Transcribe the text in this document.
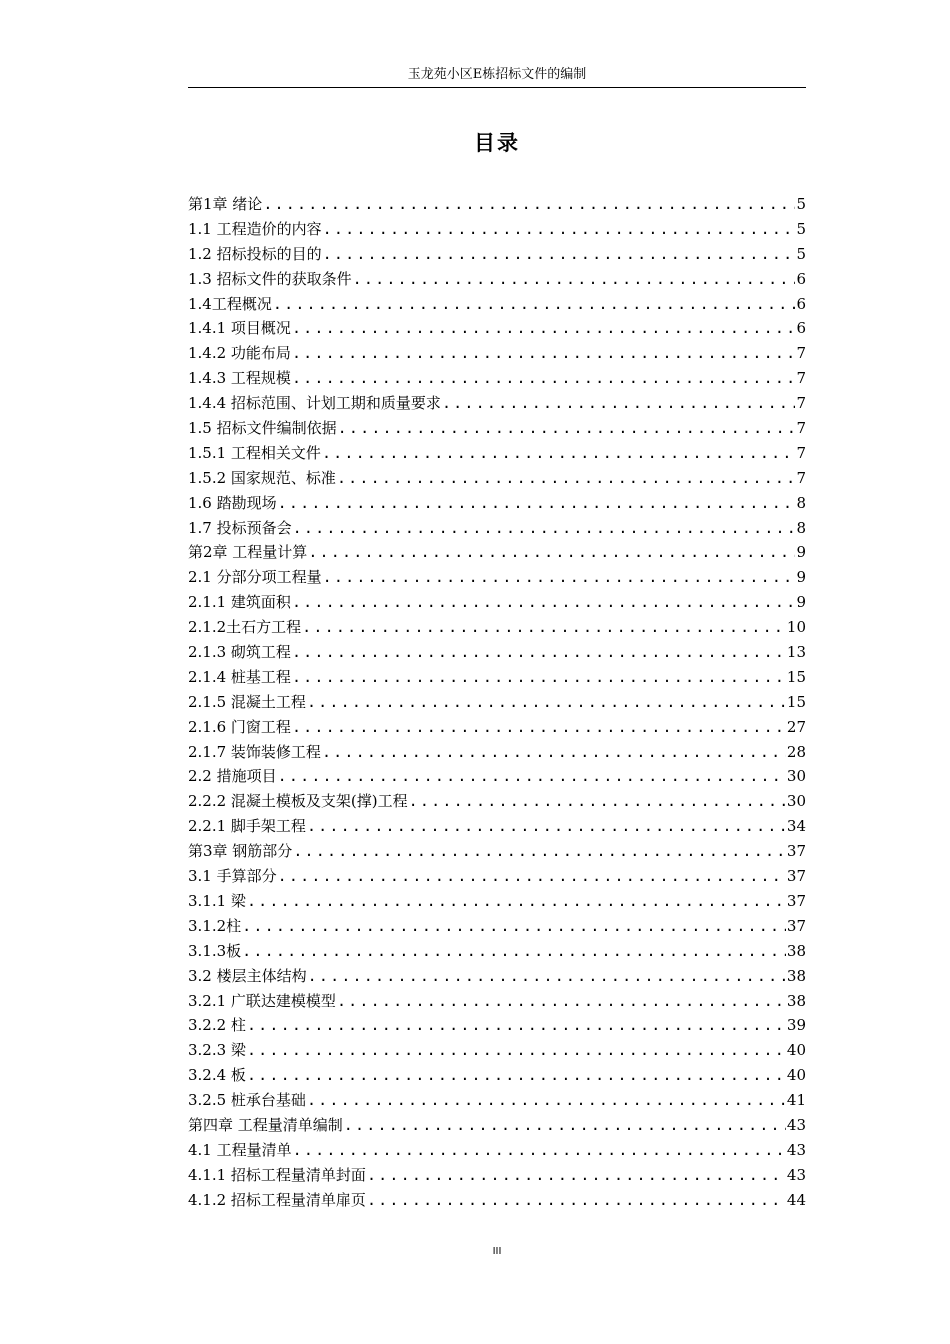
玉龙苑小区E栋招标文件的编制
目录
第1章 绪论 .....	5
1.1 工程造价的内容 .....	5
1.2 招标投标的目的 .....	5
1.3 招标文件的获取条件 .....	6
1.4工程概况 .....	6
1.4.1 项目概况 .....	6
1.4.2 功能布局 .....	7
1.4.3 工程规模 .....	7
1.4.4 招标范围、计划工期和质量要求 .....	7
1.5 招标文件编制依据 .....	7
1.5.1 工程相关文件 .....	7
1.5.2 国家规范、标准 .....	7
1.6 踏勘现场 .....	8
1.7 投标预备会 .....	8
第2章 工程量计算 .....	9
2.1 分部分项工程量 .....	9
2.1.1 建筑面积 .....	9
2.1.2土石方工程 .....	10
2.1.3 砌筑工程 .....	13
2.1.4 桩基工程 .....	15
2.1.5 混凝土工程 .....	15
2.1.6 门窗工程 .....	27
2.1.7 装饰装修工程 .....	28
2.2 措施项目 .....	30
2.2.2 混凝土模板及支架(撑)工程 .....	30
2.2.1 脚手架工程 .....	34
第3章 钢筋部分 .....	37
3.1 手算部分 .....	37
3.1.1 梁 .....	37
3.1.2柱 .....	37
3.1.3板 .....	38
3.2 楼层主体结构 .....	38
3.2.1 广联达建模模型 .....	38
3.2.2 柱 .....	39
3.2.3 梁 .....	40
3.2.4 板 .....	40
3.2.5 桩承台基础 .....	41
第四章 工程量清单编制 .....	43
4.1 工程量清单 .....	43
4.1.1 招标工程量清单封面 .....	43
4.1.2 招标工程量清单扉页 .....	44
III
